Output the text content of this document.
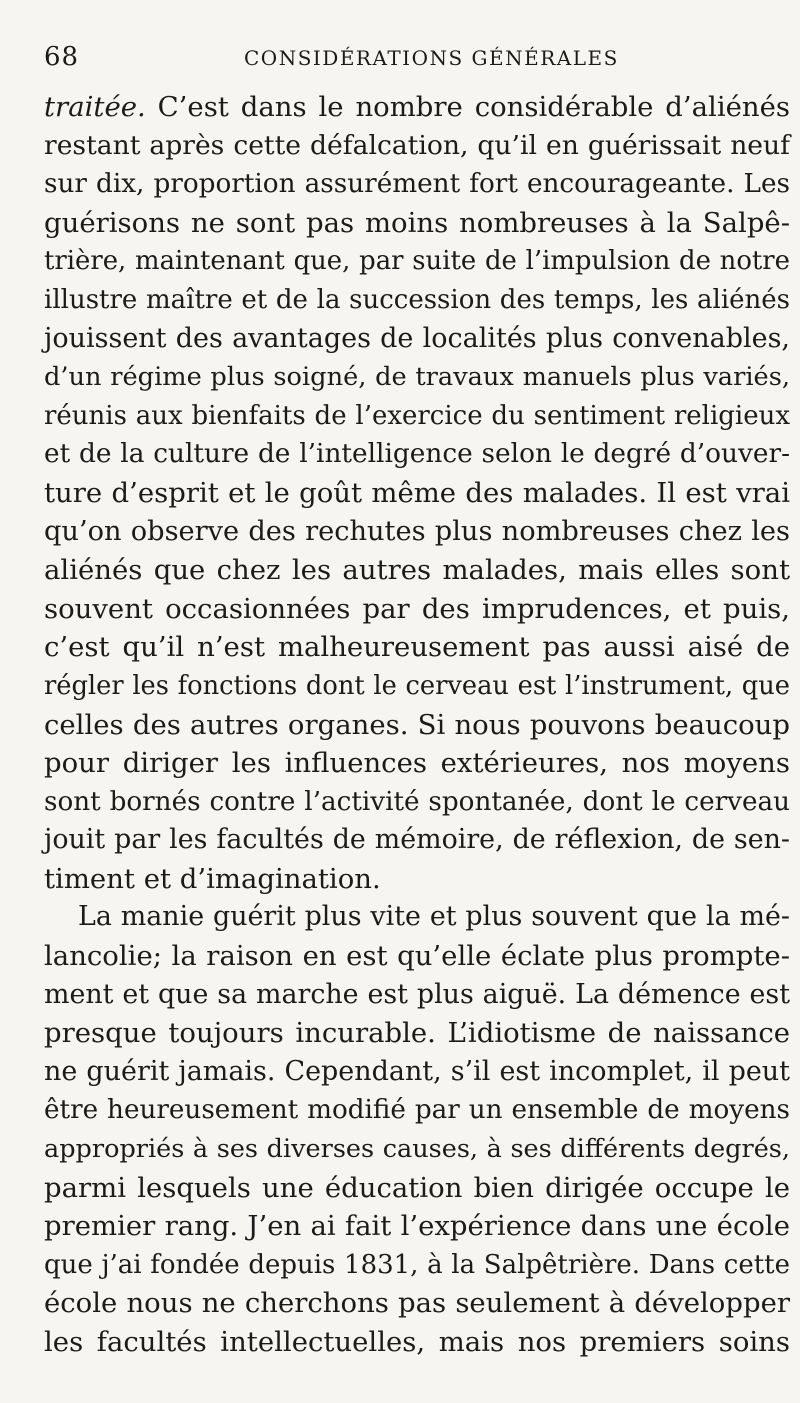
68	CONSIDÉRATIONS GÉNÉRALES
traitée. C’est dans le nombre considérable d’aliénés
restant après cette défalcation, qu’il en guérissait neuf
sur dix, proportion assurément fort encourageante. Les
guérisons ne sont pas moins nombreuses à la Salpê-
trière, maintenant que, par suite de l’impulsion de notre
illustre maître et de la succession des temps, les aliénés
jouissent des avantages de localités plus convenables,
d’un régime plus soigné, de travaux manuels plus variés,
réunis aux bienfaits de l’exercice du sentiment religieux
et de la culture de l’intelligence selon le degré d’ouver-
ture d’esprit et le goût même des malades. Il est vrai
qu’on observe des rechutes plus nombreuses chez les
aliénés que chez les autres malades, mais elles sont
souvent occasionnées par des imprudences, et puis,
c’est qu’il n’est malheureusement pas aussi aisé de
régler les fonctions dont le cerveau est l’instrument, que
celles des autres organes. Si nous pouvons beaucoup
pour diriger les influences extérieures, nos moyens
sont bornés contre l’activité spontanée, dont le cerveau
jouit par les facultés de mémoire, de réflexion, de sen-
timent et d’imagination.
La manie guérit plus vite et plus souvent que la mé-
lancolie; la raison en est qu’elle éclate plus prompte-
ment et que sa marche est plus aiguë. La démence est
presque toujours incurable. L’idiotisme de naissance
ne guérit jamais. Cependant, s’il est incomplet, il peut
être heureusement modifié par un ensemble de moyens
appropriés à ses diverses causes, à ses différents degrés,
parmi lesquels une éducation bien dirigée occupe le
premier rang. J’en ai fait l’expérience dans une école
que j’ai fondée depuis 1831, à la Salpêtrière. Dans cette
école nous ne cherchons pas seulement à développer
les facultés intellectuelles, mais nos premiers soins
